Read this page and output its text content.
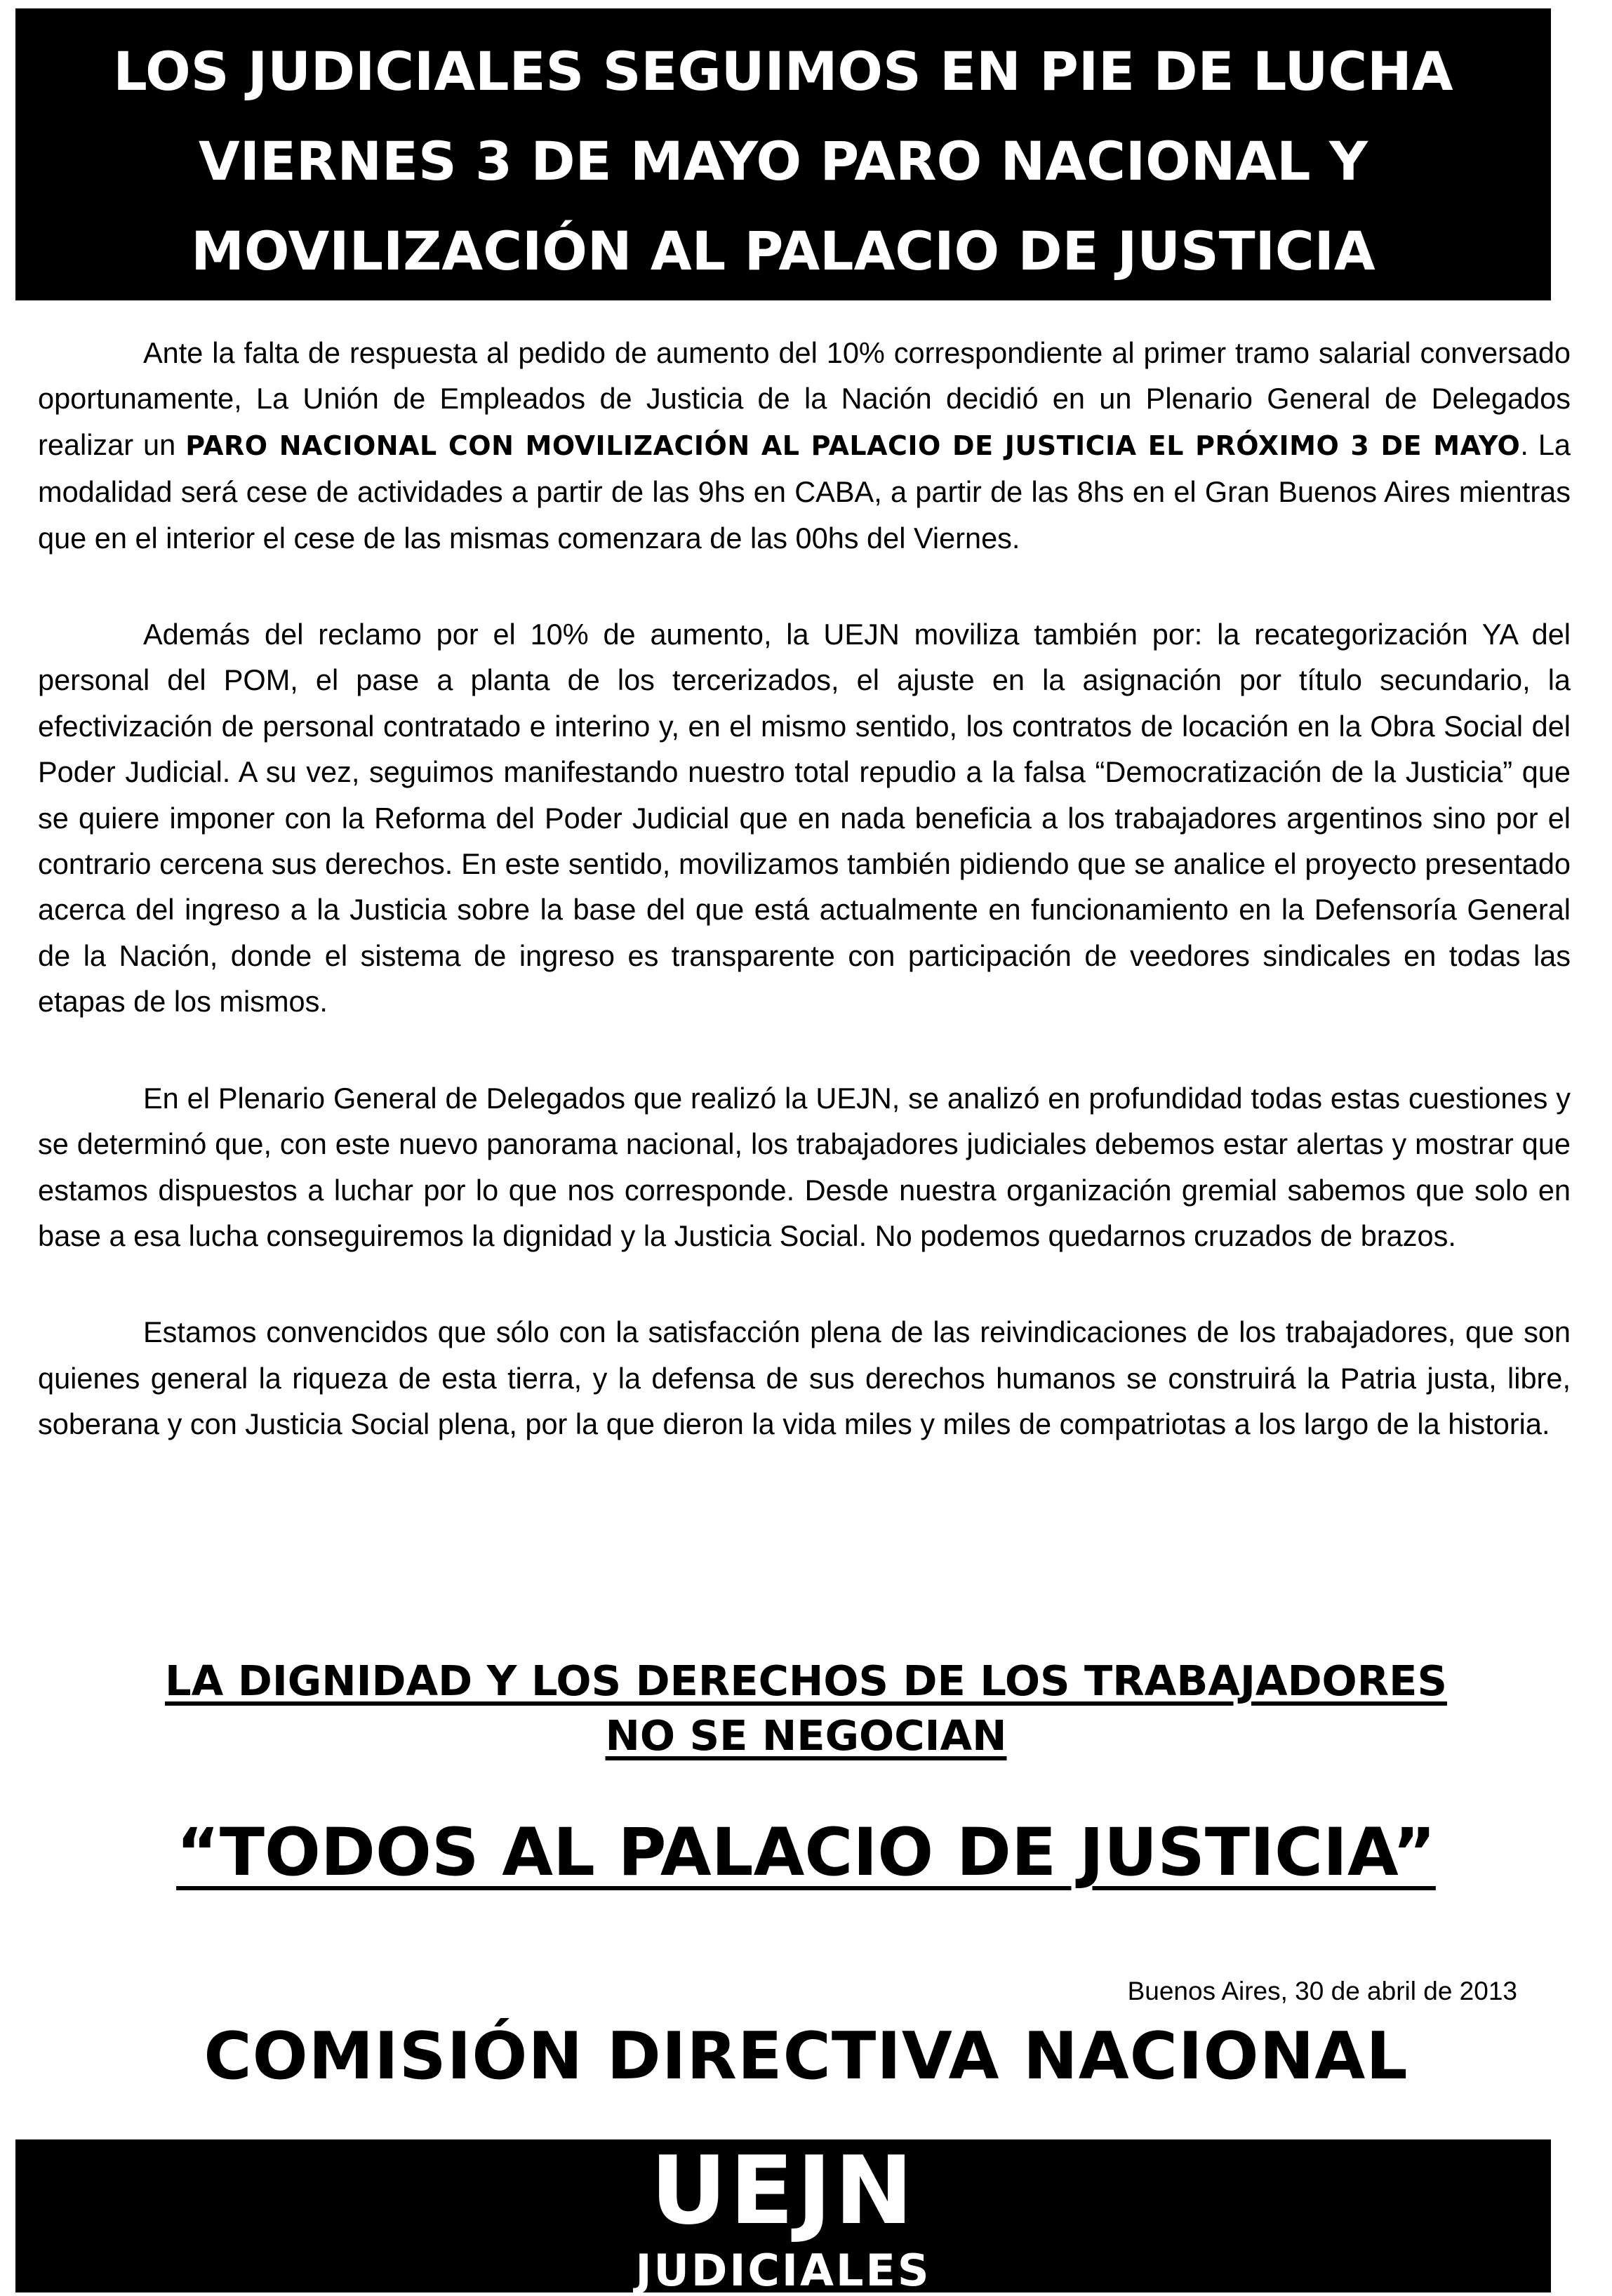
LOS JUDICIALES SEGUIMOS EN PIE DE LUCHA
VIERNES 3 DE MAYO PARO NACIONAL Y
MOVILIZACIÓN AL PALACIO DE JUSTICIA

Ante la falta de respuesta al pedido de aumento del 10% correspondiente al primer tramo salarial conversado oportunamente, La Unión de Empleados de Justicia de la Nación decidió en un Plenario General de Delegados realizar un PARO NACIONAL CON MOVILIZACIÓN AL PALACIO DE JUSTICIA EL PRÓXIMO 3 DE MAYO. La modalidad será cese de actividades a partir de las 9hs en CABA, a partir de las 8hs en el Gran Buenos Aires mientras que en el interior el cese de las mismas comenzara de las 00hs del Viernes.

Además del reclamo por el 10% de aumento, la UEJN moviliza también por: la recategorización YA del personal del POM, el pase a planta de los tercerizados, el ajuste en la asignación por título secundario, la efectivización de personal contratado e interino y, en el mismo sentido, los contratos de locación en la Obra Social del Poder Judicial. A su vez, seguimos manifestando nuestro total repudio a la falsa “Democratización de la Justicia” que se quiere imponer con la Reforma del Poder Judicial que en nada beneficia a los trabajadores argentinos sino por el contrario cercena sus derechos. En este sentido, movilizamos también pidiendo que se analice el proyecto presentado acerca del ingreso a la Justicia sobre la base del que está actualmente en funcionamiento en la Defensoría General de la Nación, donde el sistema de ingreso es transparente con participación de veedores sindicales en todas las etapas de los mismos.

En el Plenario General de Delegados que realizó la UEJN, se analizó en profundidad todas estas cuestiones y se determinó que, con este nuevo panorama nacional, los trabajadores judiciales debemos estar alertas y mostrar que estamos dispuestos a luchar por lo que nos corresponde. Desde nuestra organización gremial sabemos que solo en base a esa lucha conseguiremos la dignidad y la Justicia Social. No podemos quedarnos cruzados de brazos.

Estamos convencidos que sólo con la satisfacción plena de las reivindicaciones de los trabajadores, que son quienes general la riqueza de esta tierra, y la defensa de sus derechos humanos se construirá la Patria justa, libre, soberana y con Justicia Social plena, por la que dieron la vida miles y miles de compatriotas a los largo de la historia.

LA DIGNIDAD Y LOS DERECHOS DE LOS TRABAJADORES
NO SE NEGOCIAN
“TODOS AL PALACIO DE JUSTICIA”
Buenos Aires, 30 de abril de 2013
COMISIÓN DIRECTIVA NACIONAL
UEJN
JUDICIALES
